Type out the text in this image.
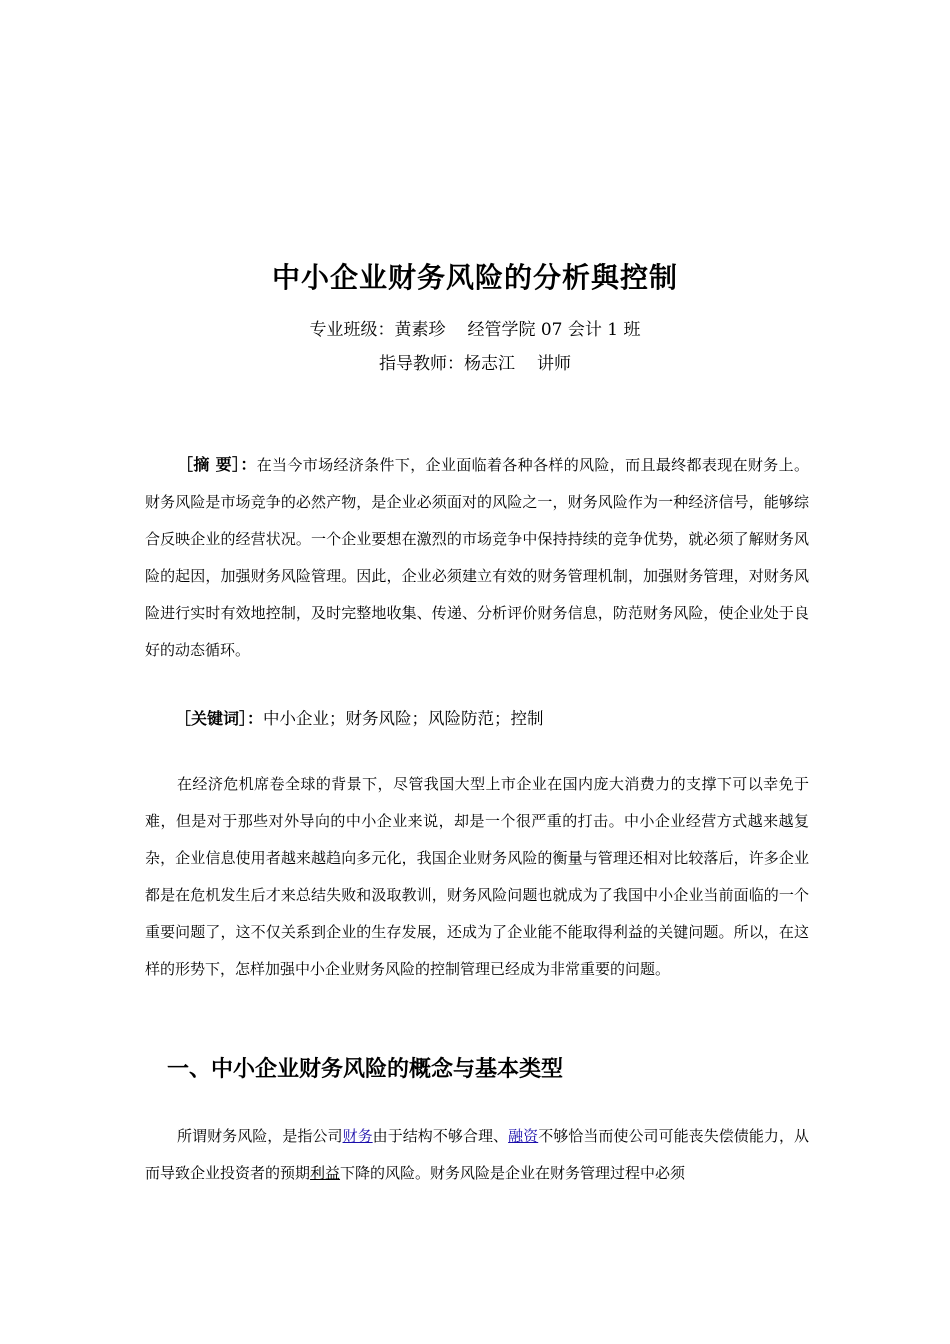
中小企业财务风险的分析與控制
专业班级：黄素珍 经管学院 07 会计 1 班
指导教师：杨志江 讲师
［摘 要］：在当今市场经济条件下，企业面临着各种各样的风险，而且最终都表现在财务上。财务风险是市场竞争的必然产物，是企业必须面对的风险之一，财务风险作为一种经济信号，能够综合反映企业的经营状况。一个企业要想在激烈的市场竞争中保持持续的竞争优势，就必须了解财务风险的起因，加强财务风险管理。因此，企业必须建立有效的财务管理机制，加强财务管理，对财务风险进行实时有效地控制，及时完整地收集、传递、分析评价财务信息，防范财务风险，使企业处于良好的动态循环。
［关键词］：中小企业；财务风险；风险防范；控制
在经济危机席卷全球的背景下，尽管我国大型上市企业在国内庞大消费力的支撑下可以幸免于难，但是对于那些对外导向的中小企业来说，却是一个很严重的打击。中小企业经营方式越来越复杂，企业信息使用者越来越趋向多元化，我国企业财务风险的衡量与管理还相对比较落后，许多企业都是在危机发生后才来总结失败和汲取教训，财务风险问题也就成为了我国中小企业当前面临的一个重要问题了，这不仅关系到企业的生存发展，还成为了企业能不能取得利益的关键问题。所以，在这样的形势下，怎样加强中小企业财务风险的控制管理已经成为非常重要的问题。
一、中小企业财务风险的概念与基本类型
所谓财务风险，是指公司财务由于结构不够合理、融资不够恰当而使公司可能丧失偿债能力，从而导致企业投资者的预期利益下降的风险。财务风险是企业在财务管理过程中必须
